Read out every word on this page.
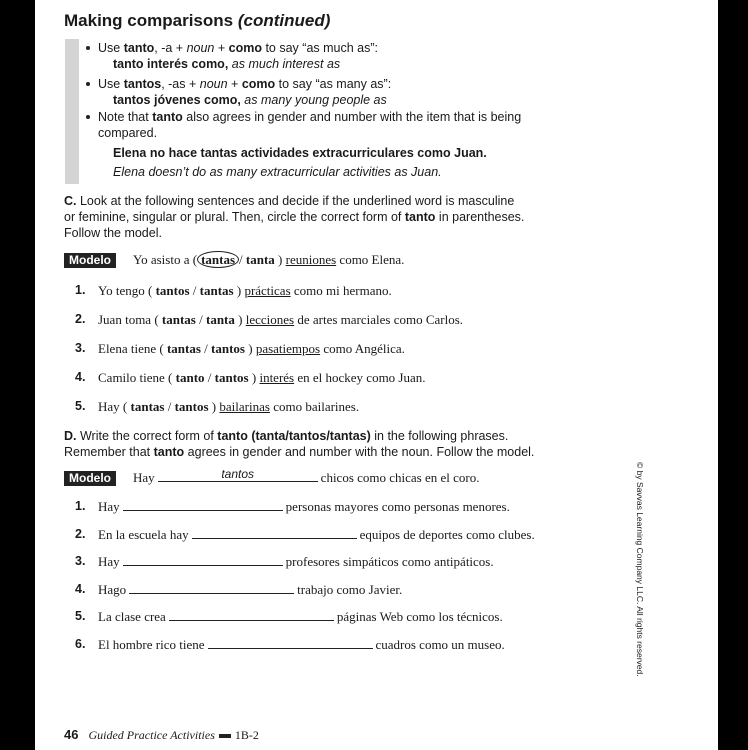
Making comparisons (continued)
Use tanto, -a + noun + como to say “as much as”:
tanto interés como, as much interest as
Use tantos, -as + noun + como to say “as many as”:
tantos jóvenes como, as many young people as
Note that tanto also agrees in gender and number with the item that is being
compared.
Elena no hace tantas actividades extracurriculares como Juan.
Elena doesn’t do as many extracurricular activities as Juan.
C. Look at the following sentences and decide if the underlined word is masculine
or feminine, singular or plural. Then, circle the correct form of tanto in parentheses.
Follow the model.
Modelo	Yo asisto a ( tantas / tanta ) reuniones como Elena.
1. Yo tengo ( tantos / tantas ) prácticas como mi hermano.
2. Juan toma ( tantas / tanta ) lecciones de artes marciales como Carlos.
3. Elena tiene ( tantas / tantos ) pasatiempos como Angélica.
4. Camilo tiene ( tanto / tantos ) interés en el hockey como Juan.
5. Hay ( tantas / tantos ) bailarinas como bailarines.
D. Write the correct form of tanto (tanta/tantos/tantas) in the following phrases.
Remember that tanto agrees in gender and number with the noun. Follow the model.
Modelo	Hay	tantos	chicos como chicas en el coro.
1. Hay	personas mayores como personas menores.
2. En la escuela hay	equipos de deportes como clubes.
3. Hay	profesores simpáticos como antipáticos.
4. Hago	trabajo como Javier.
5. La clase crea	páginas Web como los técnicos.
6. El hombre rico tiene	cuadros como un museo.	© by Savvas Learning Company LLC. All rights reserved.
46 Guided Practice Activities 1B-2
